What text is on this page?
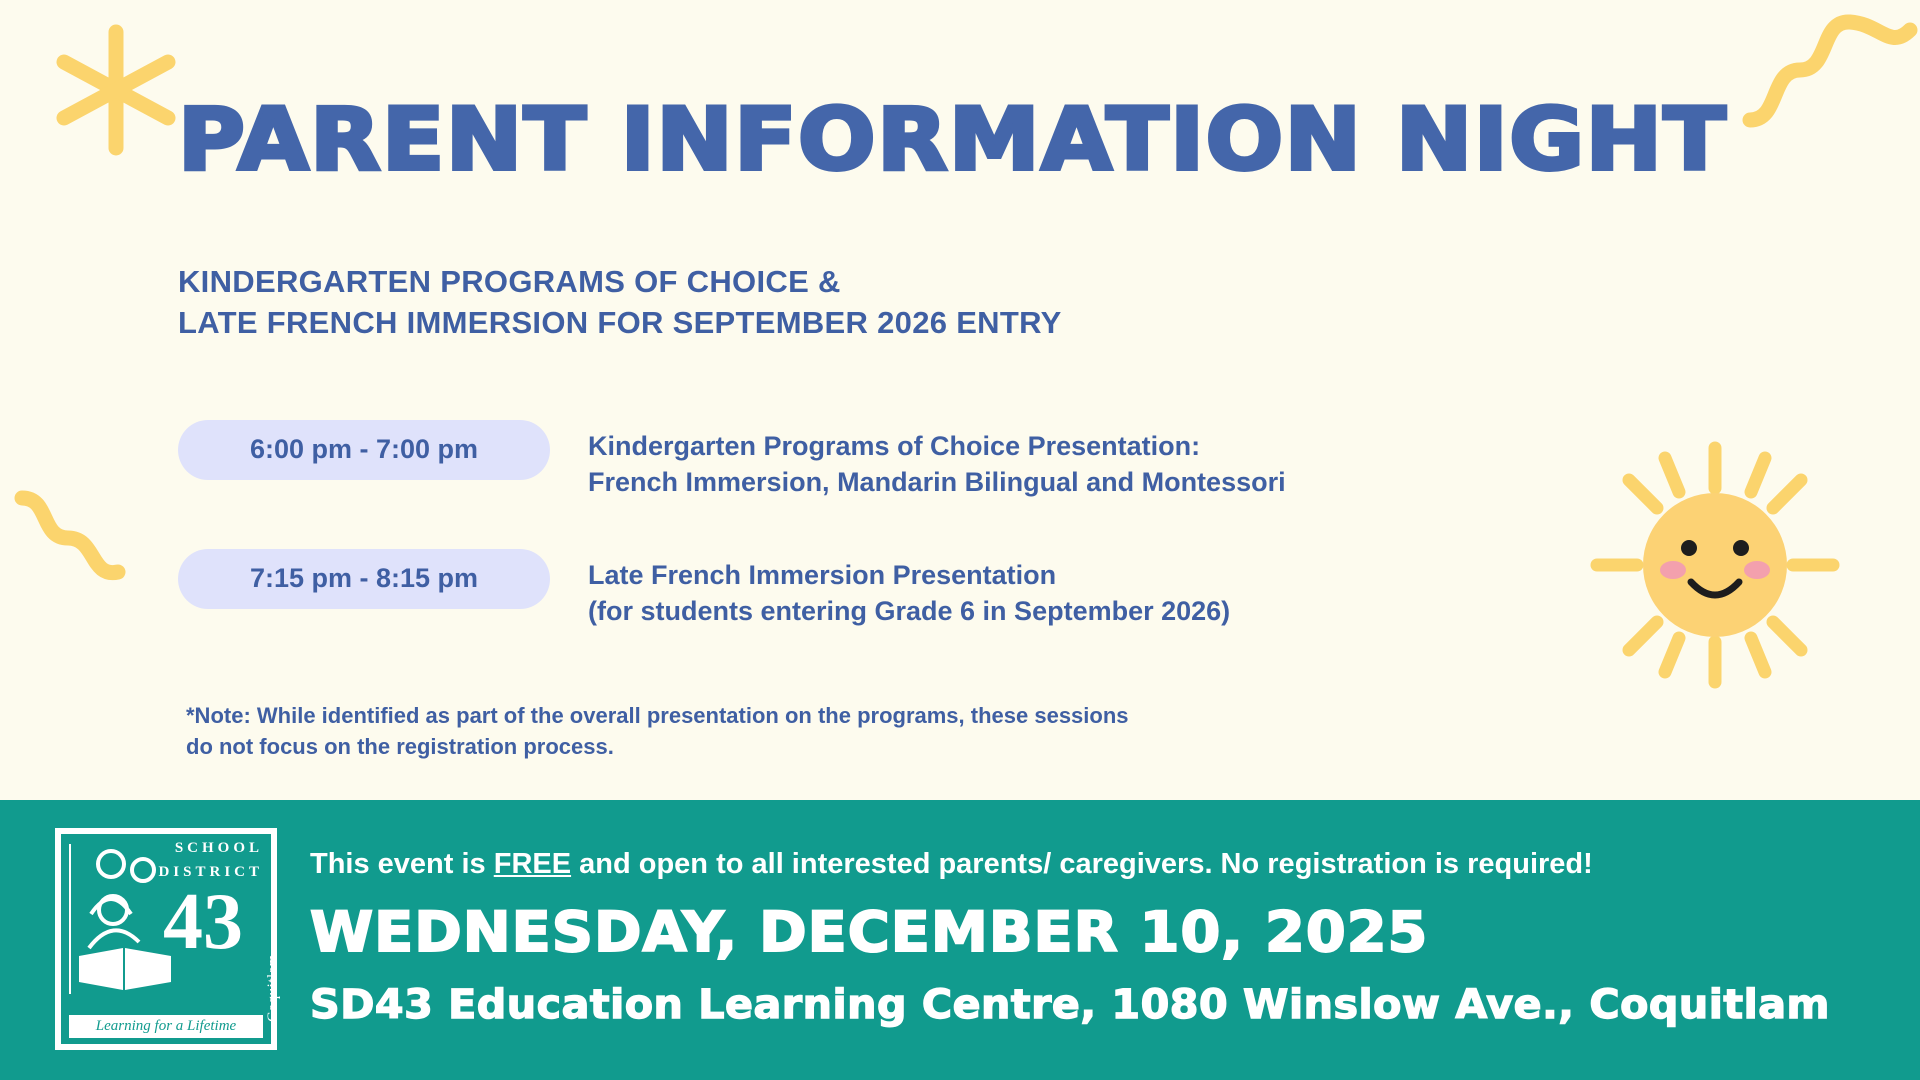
PARENT INFORMATION NIGHT
KINDERGARTEN PROGRAMS OF CHOICE &
LATE FRENCH IMMERSION FOR SEPTEMBER 2026 ENTRY
6:00 pm - 7:00 pm	Kindergarten Programs of Choice Presentation:
French Immersion, Mandarin Bilingual and Montessori
7:15 pm - 8:15 pm	Late French Immersion Presentation
(for students entering Grade 6 in September 2026)
*Note: While identified as part of the overall presentation on the programs, these sessions
do not focus on the registration process.
SCHOOL
DISTRICT
43
Coquitlam
Learning for a Lifetime
This event is FREE and open to all interested parents/ caregivers. No registration is required!
WEDNESDAY, DECEMBER 10, 2025
SD43 Education Learning Centre, 1080 Winslow Ave., Coquitlam
